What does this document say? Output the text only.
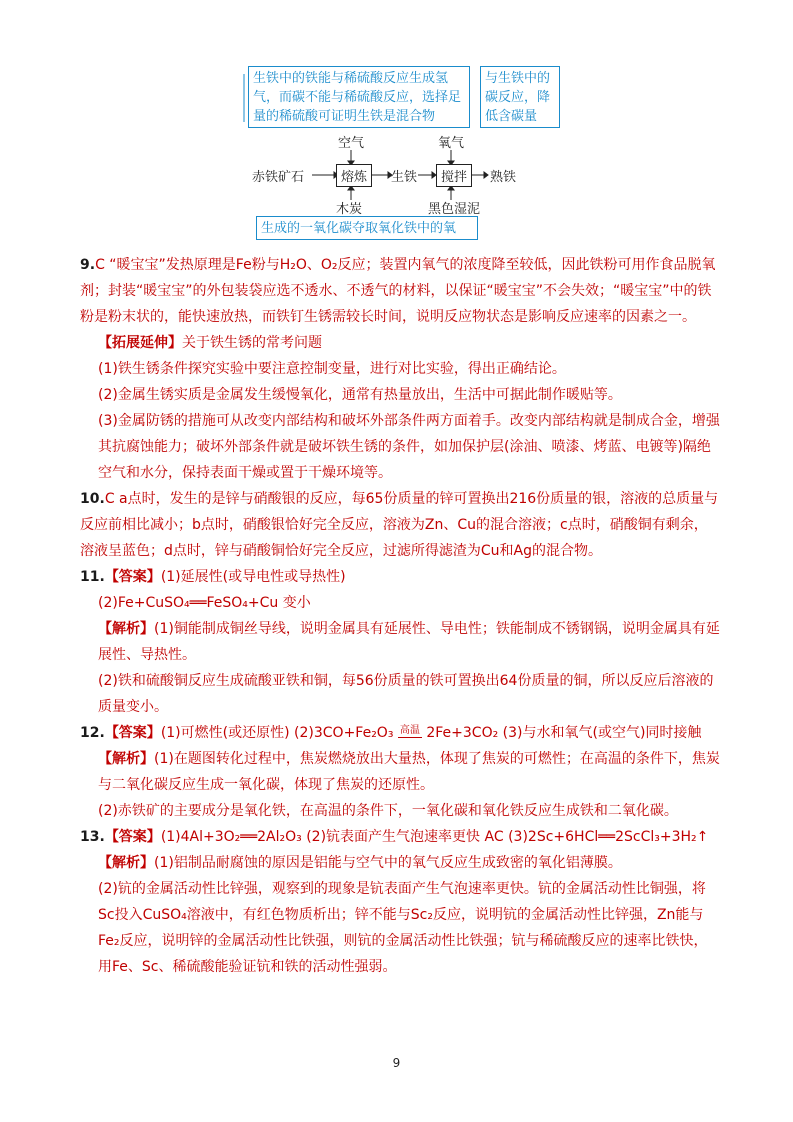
生铁中的铁能与稀硫酸反应生成氢气，而碳不能与稀硫酸反应，选择足量的稀硫酸可证明生铁是混合物
与生铁中的碳反应，降低含碳量
空气	氧气
赤铁矿石	熔炼	生铁	搅拌	熟铁
木炭	黑色湿泥
生成的一氧化碳夺取氧化铁中的氧

9.C “暖宝宝”发热原理是Fe粉与H₂O、O₂反应；装置内氧气的浓度降至较低，因此铁粉可用作食品脱氧剂；封装“暖宝宝”的外包装袋应选不透水、不透气的材料，以保证“暖宝宝”不会失效；“暖宝宝”中的铁粉是粉末状的，能快速放热，而铁钉生锈需较长时间，说明反应物状态是影响反应速率的因素之一。

【拓展延伸】关于铁生锈的常考问题

(1)铁生锈条件探究实验中要注意控制变量，进行对比实验，得出正确结论。

(2)金属生锈实质是金属发生缓慢氧化，通常有热量放出，生活中可据此制作暖贴等。

(3)金属防锈的措施可从改变内部结构和破坏外部条件两方面着手。改变内部结构就是制成合金，增强其抗腐蚀能力；破坏外部条件就是破坏铁生锈的条件，如加保护层(涂油、喷漆、烤蓝、电镀等)隔绝空气和水分，保持表面干燥或置于干燥环境等。

10.C a点时，发生的是锌与硝酸银的反应，每65份质量的锌可置换出216份质量的银，溶液的总质量与反应前相比减小；b点时，硝酸银恰好完全反应，溶液为Zn、Cu的混合溶液；c点时，硝酸铜有剩余，溶液呈蓝色；d点时，锌与硝酸铜恰好完全反应，过滤所得滤渣为Cu和Ag的混合物。

11.【答案】(1)延展性(或导电性或导热性)

(2)Fe+CuSO₄══FeSO₄+Cu 变小

【解析】(1)铜能制成铜丝导线，说明金属具有延展性、导电性；铁能制成不锈钢锅，说明金属具有延展性、导热性。

(2)铁和硫酸铜反应生成硫酸亚铁和铜，每56份质量的铁可置换出64份质量的铜，所以反应后溶液的质量变小。

12.【答案】(1)可燃性(或还原性) (2)3CO+Fe₂O₃ 高温 2Fe+3CO₂ (3)与水和氧气(或空气)同时接触

【解析】(1)在题图转化过程中，焦炭燃烧放出大量热，体现了焦炭的可燃性；在高温的条件下，焦炭与二氧化碳反应生成一氧化碳，体现了焦炭的还原性。

(2)赤铁矿的主要成分是氧化铁，在高温的条件下，一氧化碳和氧化铁反应生成铁和二氧化碳。

13.【答案】(1)4Al+3O₂══2Al₂O₃ (2)钪表面产生气泡速率更快 AC (3)2Sc+6HCl══2ScCl₃+3H₂↑

【解析】(1)铝制品耐腐蚀的原因是铝能与空气中的氧气反应生成致密的氧化铝薄膜。

(2)钪的金属活动性比锌强，观察到的现象是钪表面产生气泡速率更快。钪的金属活动性比铜强，将Sc投入CuSO₄溶液中，有红色物质析出；锌不能与Sc₂反应，说明钪的金属活动性比锌强，Zn能与Fe₂反应，说明锌的金属活动性比铁强，则钪的金属活动性比铁强；钪与稀硫酸反应的速率比铁快，用Fe、Sc、稀硫酸能验证钪和铁的活动性强弱。

9
